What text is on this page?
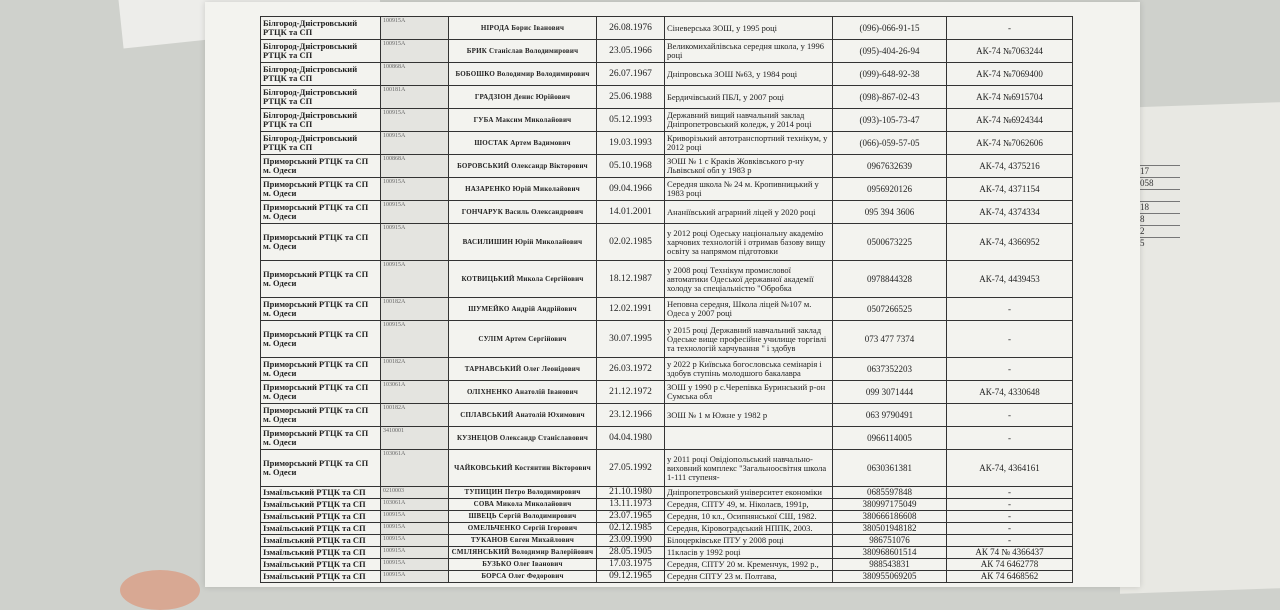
17
058
18
8
2
5
Білгород-Дністровський РТЦК та СП	100915А	НІРОДА Борис Іванович	26.08.1976	Сіневерська ЗОШ, у 1995 році	(096)-066-91-15	-
Білгород-Дністровський РТЦК та СП	100915А	БРИК Станіслав Володимирович	23.05.1966	Великомихайлівська середня школа, у 1996 році	(095)-404-26-94	АК-74 №7063244
Білгород-Дністровський РТЦК та СП	100868А	БОБОШКО Володимир Володимирович	26.07.1967	Дніпровська ЗОШ №63, у 1984 році	(099)-648-92-38	АК-74 №7069400
Білгород-Дністровський РТЦК та СП	100181А	ГРАДЗІОН Денис Юрійович	25.06.1988	Бердичівський ПБЛ, у 2007 році	(098)-867-02-43	АК-74 №6915704
Білгород-Дністровський РТЦК та СП	100915А	ГУБА Максим Миколайович	05.12.1993	Державний вищий навчальний заклад Дніпропетровський коледж, у 2014 році	(093)-105-73-47	АК-74 №6924344
Білгород-Дністровський РТЦК та СП	100915А	ШОСТАК Артем Вадимович	19.03.1993	Криворізький автотранспортний технікум, у 2012 році	(066)-059-57-05	АК-74 №7062606
Приморський РТЦК та СП м. Одеси	100868А	БОРОВСЬКИЙ Олександр Вікторович	05.10.1968	ЗОШ № 1 с Краків Жовківського р-ну Львівської обл у 1983 р	0967632639	АК-74, 4375216
Приморський РТЦК та СП м. Одеси	100915А	НАЗАРЕНКО Юрій Миколайович	09.04.1966	Середня школа № 24 м. Кропивницький у 1983 році	0956920126	АК-74, 4371154
Приморський РТЦК та СП м. Одеси	100915А	ГОНЧАРУК Василь Олександрович	14.01.2001	Ананіївський аграрний ліцей у 2020 році	095 394 3606	АК-74, 4374334
Приморський РТЦК та СП м. Одеси	100915А	ВАСИЛИШИН Юрій Миколайович	02.02.1985	у 2012 році Одеську національну академію харчових технологій і отримав базову вищу освіту за напрямом підготовки	0500673225	АК-74, 4366952
Приморський РТЦК та СП м. Одеси	100915А	КОТВИЦЬКИЙ Микола Сергійович	18.12.1987	у 2008 році Технікум промислової автоматики Одеської державної академії холоду за спеціальністю "Обробка	0978844328	АК-74, 4439453
Приморський РТЦК та СП м. Одеси	100182А	ШУМЕЙКО Андрій Андрійович	12.02.1991	Неповна середня, Школа ліцей №107 м. Одеса у 2007 році	0507266525	-
Приморський РТЦК та СП м. Одеси	100915А	СУЛІМ Артем Сергійович	30.07.1995	у 2015 році Державний навчальний заклад Одеське вище професійне училище торгівлі та технологій харчування " і здобув	073 477 7374	-
Приморський РТЦК та СП м. Одеси	100182А	ТАРНАВСЬКИЙ Олег Леонідович	26.03.1972	у 2022 р Київська богословська семінарія і здобув ступінь молодшого бакалавра	0637352203	-
Приморський РТЦК та СП м. Одеси	103061А	ОЛІХНЕНКО Анатолій Іванович	21.12.1972	ЗОШ у 1990 р с.Черепівка Буринський р-он Сумська обл	099 3071444	АК-74, 4330648
Приморський РТЦК та СП м. Одеси	100182А	СПЛАВСЬКИЙ Анатолій Юхимович	23.12.1966	ЗОШ № 1 м Южне у 1982 р	063 9790491	-
Приморський РТЦК та СП м. Одеси	3410001	КУЗНЕЦОВ Олександр Станіславович	04.04.1980		0966114005	-
Приморський РТЦК та СП м. Одеси	103061А	ЧАЙКОВСЬКИЙ Костянтин Вікторович	27.05.1992	у 2011 році Овідіопольський навчально-виховний комплекс "Загальноосвітня школа 1-111 ступеня-	0630361381	АК-74, 4364161
Ізмаїльський РТЦК та СП	0210003	ТУПИЦИН Петро Володимирович	21.10.1980	Дніпропетровський університет економіки	0685597848	-
Ізмаїльський РТЦК та СП	103061А	СОВА Микола Миколайович	13.11.1973	Середня, СПТУ 49, м. Ніколаєв, 1991р,	380997175049	-
Ізмаїльський РТЦК та СП	100915А	ШВЕЦЬ Сергій Володимирович	23.07.1965	Середня, 10 кл., Осипнянської СШ, 1982.	380666186608	-
Ізмаїльський РТЦК та СП	100915А	ОМЕЛЬЧЕНКО Сергій Ігорович	02.12.1985	Середня, Кіровоградський НППК, 2003.	380501948182	-
Ізмаїльський РТЦК та СП	100915А	ТУКАНОВ Євген Михайлович	23.09.1990	Білоцерківське ПТУ у 2008 році	986751076	-
Ізмаїльський РТЦК та СП	100915А	СМІЛЯНСЬКИЙ Володимир Валерійович	28.05.1905	11класів у 1992 році	380968601514	АК 74 № 4366437
Ізмаїльський РТЦК та СП	100915А	БУЗЬКО Олег Іванович	17.03.1975	Середня, СПТУ 20 м. Кременчук, 1992 р.,	988543831	АК 74 6462778
Ізмаїльський РТЦК та СП	100915А	БОРСА Олег Федорович	09.12.1965	Середня СПТУ 23 м. Полтава,	380955069205	АК 74 6468562
